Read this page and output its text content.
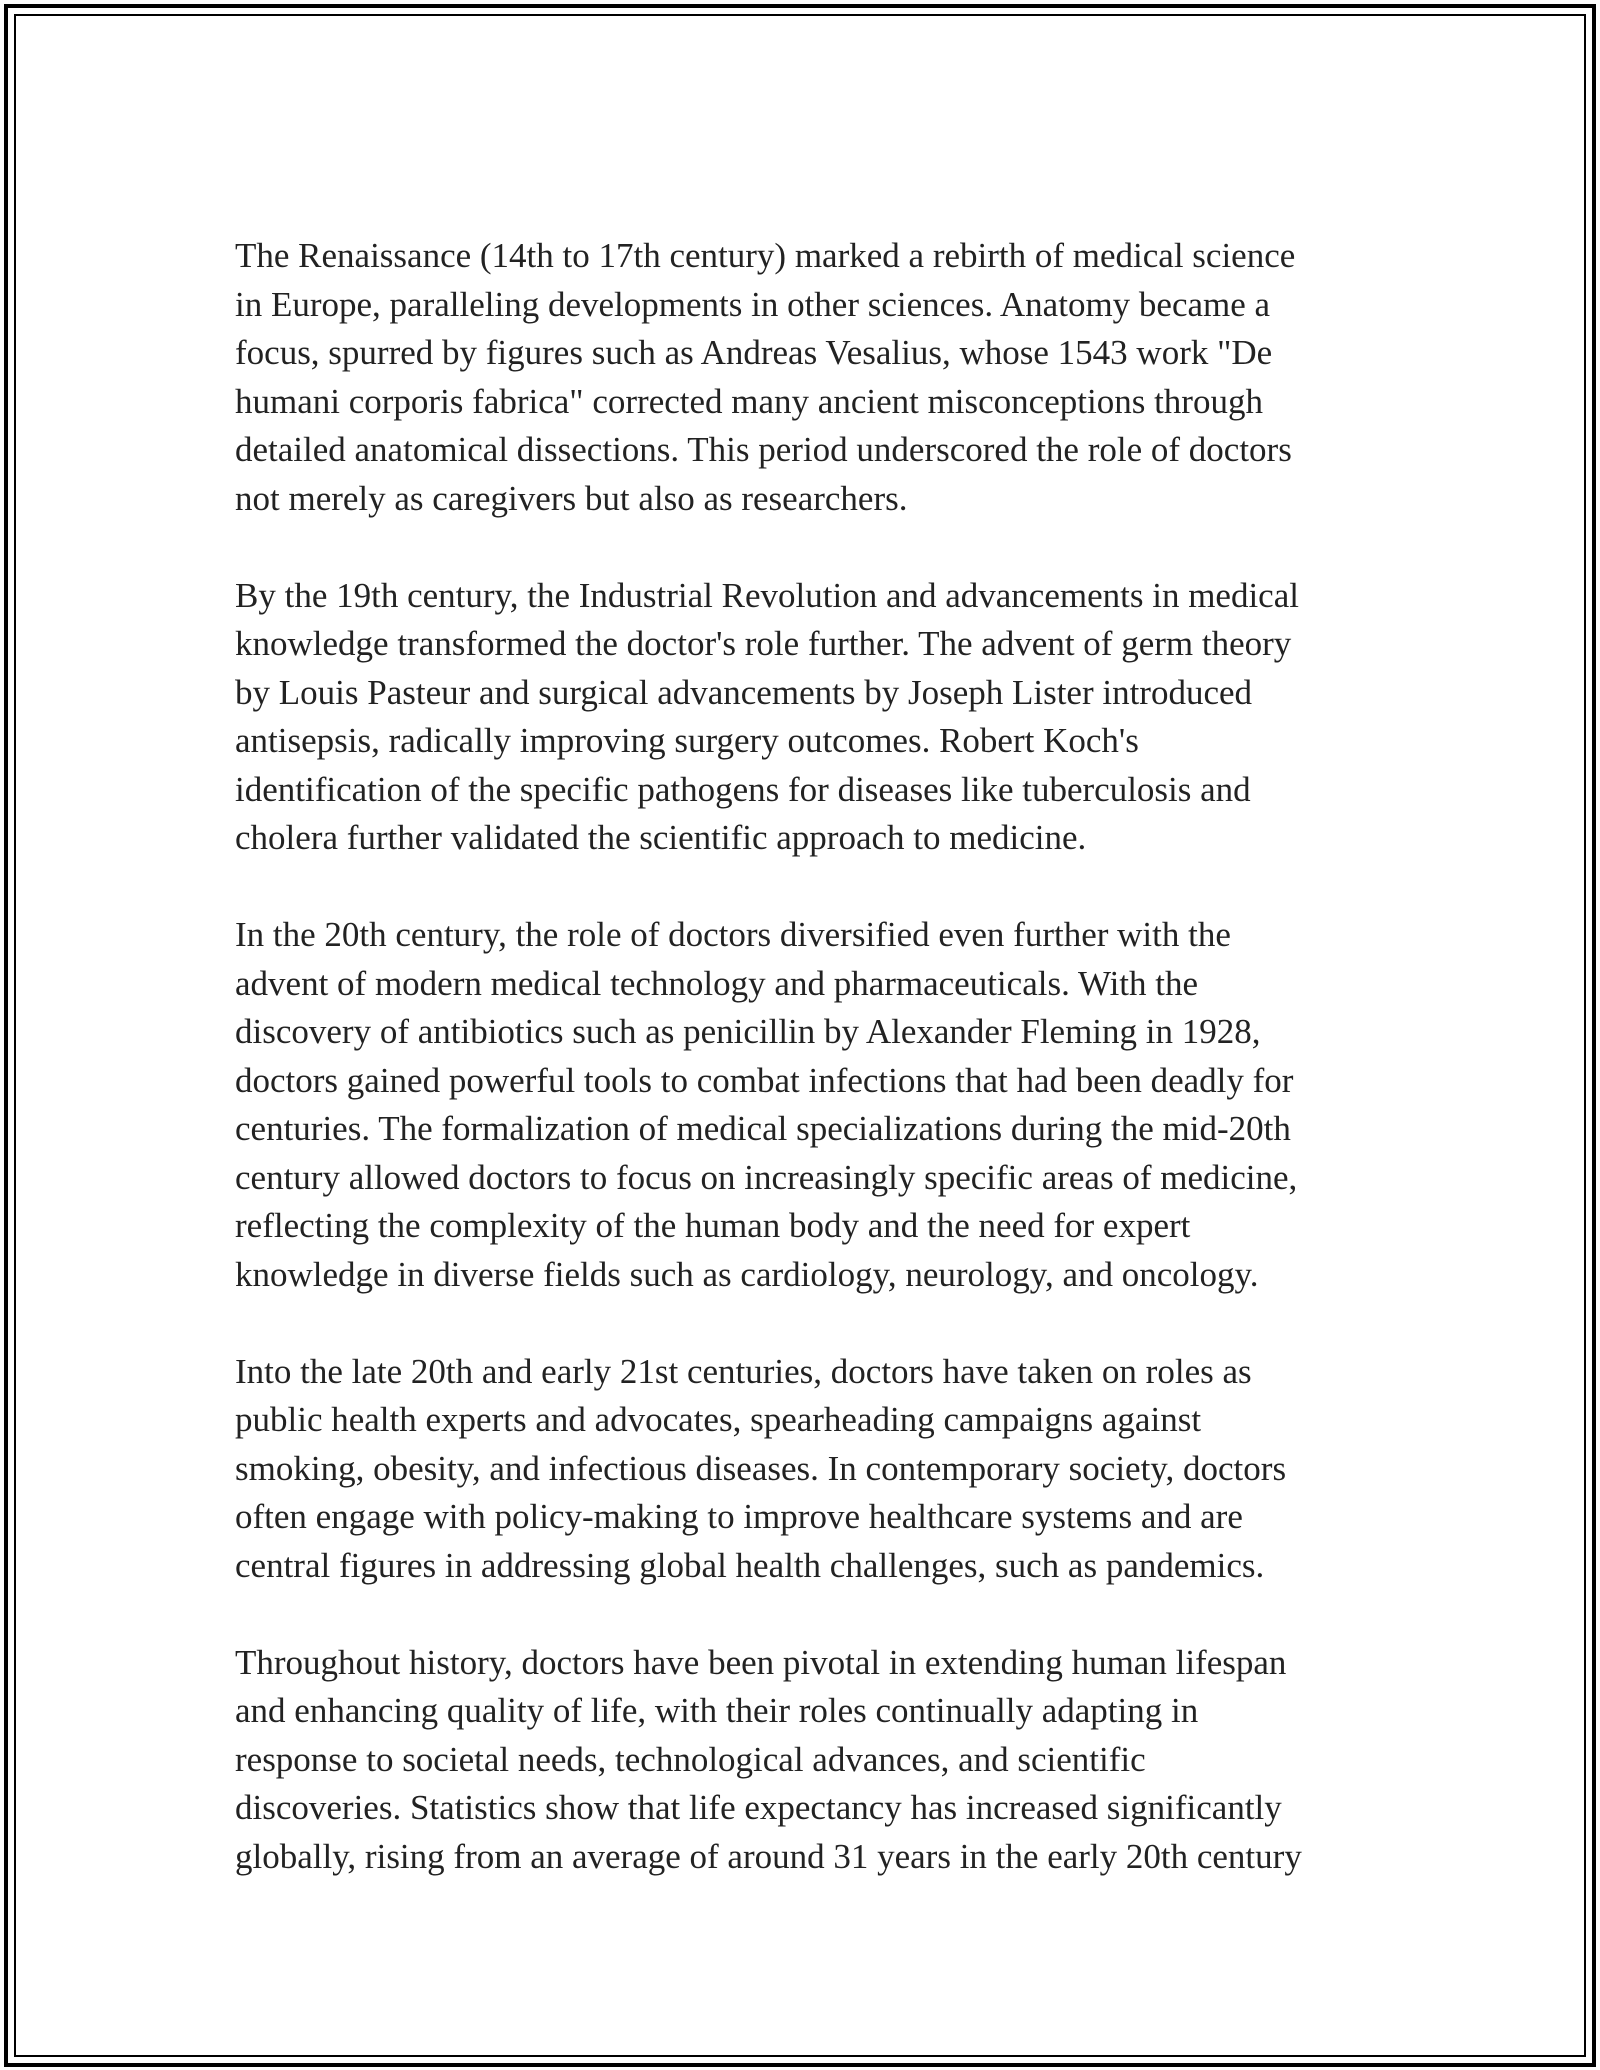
The Renaissance (14th to 17th century) marked a rebirth of medical science
in Europe, paralleling developments in other sciences. Anatomy became a
focus, spurred by figures such as Andreas Vesalius, whose 1543 work "De
humani corporis fabrica" corrected many ancient misconceptions through
detailed anatomical dissections. This period underscored the role of doctors
not merely as caregivers but also as researchers.

By the 19th century, the Industrial Revolution and advancements in medical
knowledge transformed the doctor's role further. The advent of germ theory
by Louis Pasteur and surgical advancements by Joseph Lister introduced
antisepsis, radically improving surgery outcomes. Robert Koch's
identification of the specific pathogens for diseases like tuberculosis and
cholera further validated the scientific approach to medicine.

In the 20th century, the role of doctors diversified even further with the
advent of modern medical technology and pharmaceuticals. With the
discovery of antibiotics such as penicillin by Alexander Fleming in 1928,
doctors gained powerful tools to combat infections that had been deadly for
centuries. The formalization of medical specializations during the mid-20th
century allowed doctors to focus on increasingly specific areas of medicine,
reflecting the complexity of the human body and the need for expert
knowledge in diverse fields such as cardiology, neurology, and oncology.

Into the late 20th and early 21st centuries, doctors have taken on roles as
public health experts and advocates, spearheading campaigns against
smoking, obesity, and infectious diseases. In contemporary society, doctors
often engage with policy-making to improve healthcare systems and are
central figures in addressing global health challenges, such as pandemics.

Throughout history, doctors have been pivotal in extending human lifespan
and enhancing quality of life, with their roles continually adapting in
response to societal needs, technological advances, and scientific
discoveries. Statistics show that life expectancy has increased significantly
globally, rising from an average of around 31 years in the early 20th century
